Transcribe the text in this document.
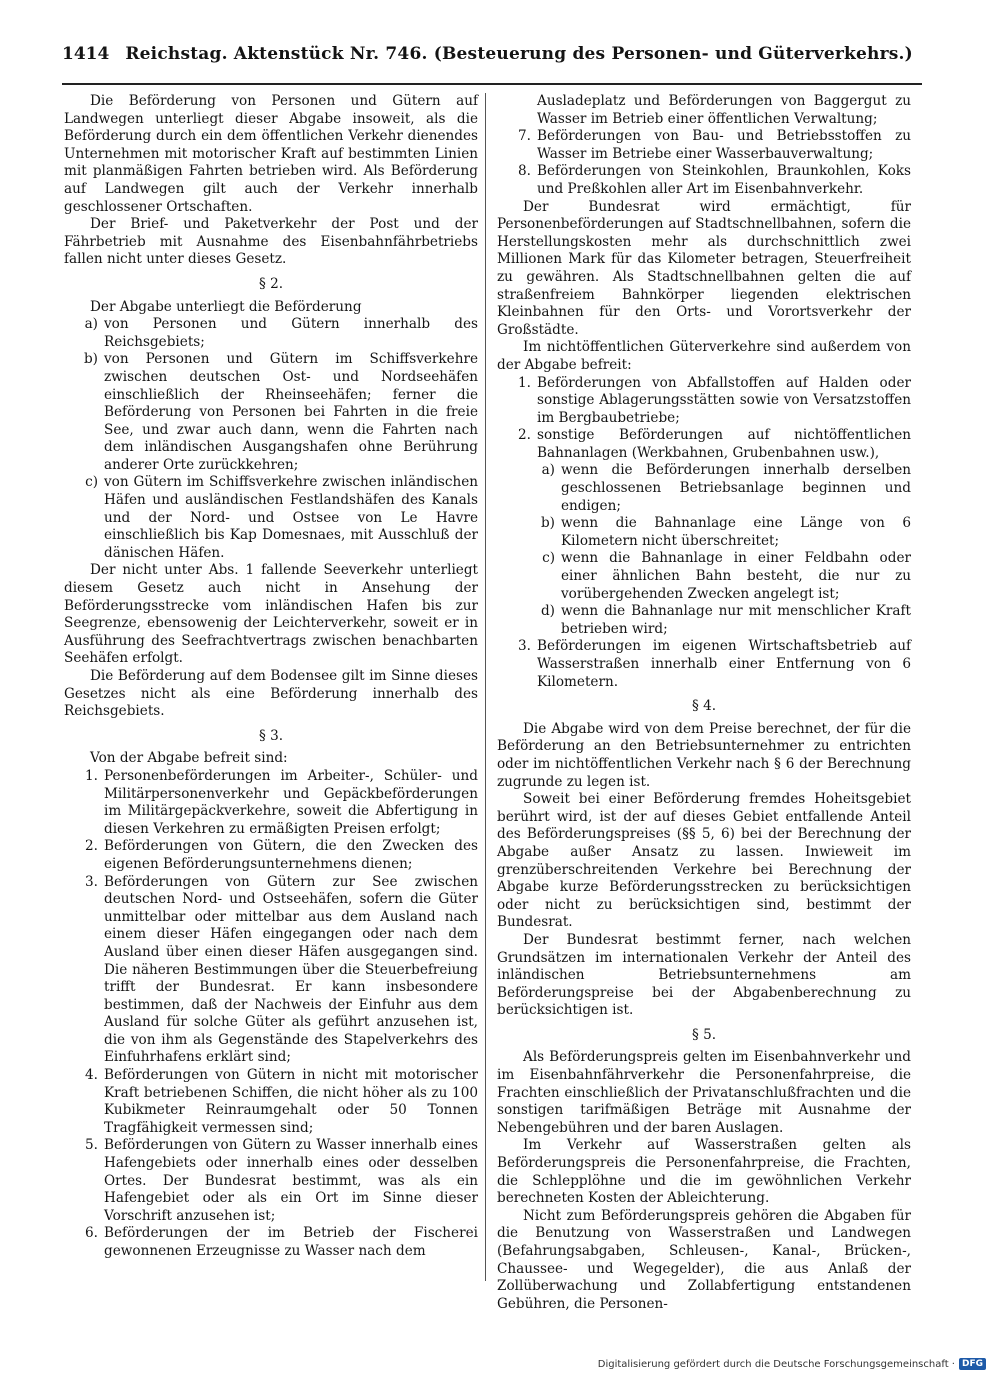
1414 Reichstag. Aktenstück Nr. 746. (Besteuerung des Personen- und Güterverkehrs.)

Die Beförderung von Personen und Gütern auf Landwegen unterliegt dieser Abgabe insoweit, als die Beförderung durch ein dem öffentlichen Verkehr dienendes Unternehmen mit motorischer Kraft auf bestimmten Linien mit planmäßigen Fahrten betrieben wird. Als Beförderung auf Landwegen gilt auch der Verkehr innerhalb geschlossener Ortschaften.

Der Brief- und Paketverkehr der Post und der Fährbetrieb mit Ausnahme des Eisenbahnfährbetriebs fallen nicht unter dieses Gesetz.

§ 2.

Der Abgabe unterliegt die Beförderung

a) von Personen und Gütern innerhalb des Reichsgebiets;
b) von Personen und Gütern im Schiffsverkehre zwischen deutschen Ost- und Nordseehäfen einschließlich der Rheinseehäfen; ferner die Beförderung von Personen bei Fahrten in die freie See, und zwar auch dann, wenn die Fahrten nach dem inländischen Ausgangshafen ohne Berührung anderer Orte zurückkehren;
c) von Gütern im Schiffsverkehre zwischen inländischen Häfen und ausländischen Festlandshäfen des Kanals und der Nord- und Ostsee von Le Havre einschließlich bis Kap Domesnaes, mit Ausschluß der dänischen Häfen.

Der nicht unter Abs. 1 fallende Seeverkehr unterliegt diesem Gesetz auch nicht in Ansehung der Beförderungsstrecke vom inländischen Hafen bis zur Seegrenze, ebensowenig der Leichterverkehr, soweit er in Ausführung des Seefrachtvertrags zwischen benachbarten Seehäfen erfolgt.

Die Beförderung auf dem Bodensee gilt im Sinne dieses Gesetzes nicht als eine Beförderung innerhalb des Reichsgebiets.

§ 3.

Von der Abgabe befreit sind:

1. Personenbeförderungen im Arbeiter-, Schüler- und Militärpersonenverkehr und Gepäckbeförderungen im Militärgepäckverkehre, soweit die Abfertigung in diesen Verkehren zu ermäßigten Preisen erfolgt;
2. Beförderungen von Gütern, die den Zwecken des eigenen Beförderungsunternehmens dienen;
3. Beförderungen von Gütern zur See zwischen deutschen Nord- und Ostseehäfen, sofern die Güter unmittelbar oder mittelbar aus dem Ausland nach einem dieser Häfen eingegangen oder nach dem Ausland über einen dieser Häfen ausgegangen sind. Die näheren Bestimmungen über die Steuerbefreiung trifft der Bundesrat. Er kann insbesondere bestimmen, daß der Nachweis der Einfuhr aus dem Ausland für solche Güter als geführt anzusehen ist, die von ihm als Gegenstände des Stapelverkehrs des Einfuhrhafens erklärt sind;
4. Beförderungen von Gütern in nicht mit motorischer Kraft betriebenen Schiffen, die nicht höher als zu 100 Kubikmeter Reinraumgehalt oder 50 Tonnen Tragfähigkeit vermessen sind;
5. Beförderungen von Gütern zu Wasser innerhalb eines Hafengebiets oder innerhalb eines oder desselben Ortes. Der Bundesrat bestimmt, was als ein Hafengebiet oder als ein Ort im Sinne dieser Vorschrift anzusehen ist;
6. Beförderungen der im Betrieb der Fischerei gewonnenen Erzeugnisse zu Wasser nach dem

Ausladeplatz und Beförderungen von Baggergut zu Wasser im Betrieb einer öffentlichen Verwaltung;

7. Beförderungen von Bau- und Betriebsstoffen zu Wasser im Betriebe einer Wasserbauverwaltung;
8. Beförderungen von Steinkohlen, Braunkohlen, Koks und Preßkohlen aller Art im Eisenbahnverkehr.

Der Bundesrat wird ermächtigt, für Personenbeförderungen auf Stadtschnellbahnen, sofern die Herstellungskosten mehr als durchschnittlich zwei Millionen Mark für das Kilometer betragen, Steuerfreiheit zu gewähren. Als Stadtschnellbahnen gelten die auf straßenfreiem Bahnkörper liegenden elektrischen Kleinbahnen für den Orts- und Vorortsverkehr der Großstädte.

Im nichtöffentlichen Güterverkehre sind außerdem von der Abgabe befreit:

1. Beförderungen von Abfallstoffen auf Halden oder sonstige Ablagerungsstätten sowie von Versatzstoffen im Bergbaubetriebe;
2. sonstige Beförderungen auf nichtöffentlichen Bahnanlagen (Werkbahnen, Grubenbahnen usw.),
a) wenn die Beförderungen innerhalb derselben geschlossenen Betriebsanlage beginnen und endigen;
b) wenn die Bahnanlage eine Länge von 6 Kilometern nicht überschreitet;
c) wenn die Bahnanlage in einer Feldbahn oder einer ähnlichen Bahn besteht, die nur zu vorübergehenden Zwecken angelegt ist;
d) wenn die Bahnanlage nur mit menschlicher Kraft betrieben wird;
3. Beförderungen im eigenen Wirtschaftsbetrieb auf Wasserstraßen innerhalb einer Entfernung von 6 Kilometern.

§ 4.

Die Abgabe wird von dem Preise berechnet, der für die Beförderung an den Betriebsunternehmer zu entrichten oder im nichtöffentlichen Verkehr nach § 6 der Berechnung zugrunde zu legen ist.

Soweit bei einer Beförderung fremdes Hoheitsgebiet berührt wird, ist der auf dieses Gebiet entfallende Anteil des Beförderungspreises (§§ 5, 6) bei der Berechnung der Abgabe außer Ansatz zu lassen. Inwieweit im grenzüberschreitenden Verkehre bei Berechnung der Abgabe kurze Beförderungsstrecken zu berücksichtigen oder nicht zu berücksichtigen sind, bestimmt der Bundesrat.

Der Bundesrat bestimmt ferner, nach welchen Grundsätzen im internationalen Verkehr der Anteil des inländischen Betriebsunternehmens am Beförderungspreise bei der Abgabenberechnung zu berücksichtigen ist.

§ 5.

Als Beförderungspreis gelten im Eisenbahnverkehr und im Eisenbahnfährverkehr die Personenfahrpreise, die Frachten einschließlich der Privatanschlußfrachten und die sonstigen tarifmäßigen Beträge mit Ausnahme der Nebengebühren und der baren Auslagen.

Im Verkehr auf Wasserstraßen gelten als Beförderungspreis die Personenfahrpreise, die Frachten, die Schlepplöhne und die im gewöhnlichen Verkehr berechneten Kosten der Ableichterung.

Nicht zum Beförderungspreis gehören die Abgaben für die Benutzung von Wasserstraßen und Landwegen (Befahrungsabgaben, Schleusen-, Kanal-, Brücken-, Chaussee- und Wegegelder), die aus Anlaß der Zollüberwachung und Zollabfertigung entstandenen Gebühren, die Personen-

Digitalisierung gefördert durch die Deutsche Forschungsgemeinschaft · DFG
